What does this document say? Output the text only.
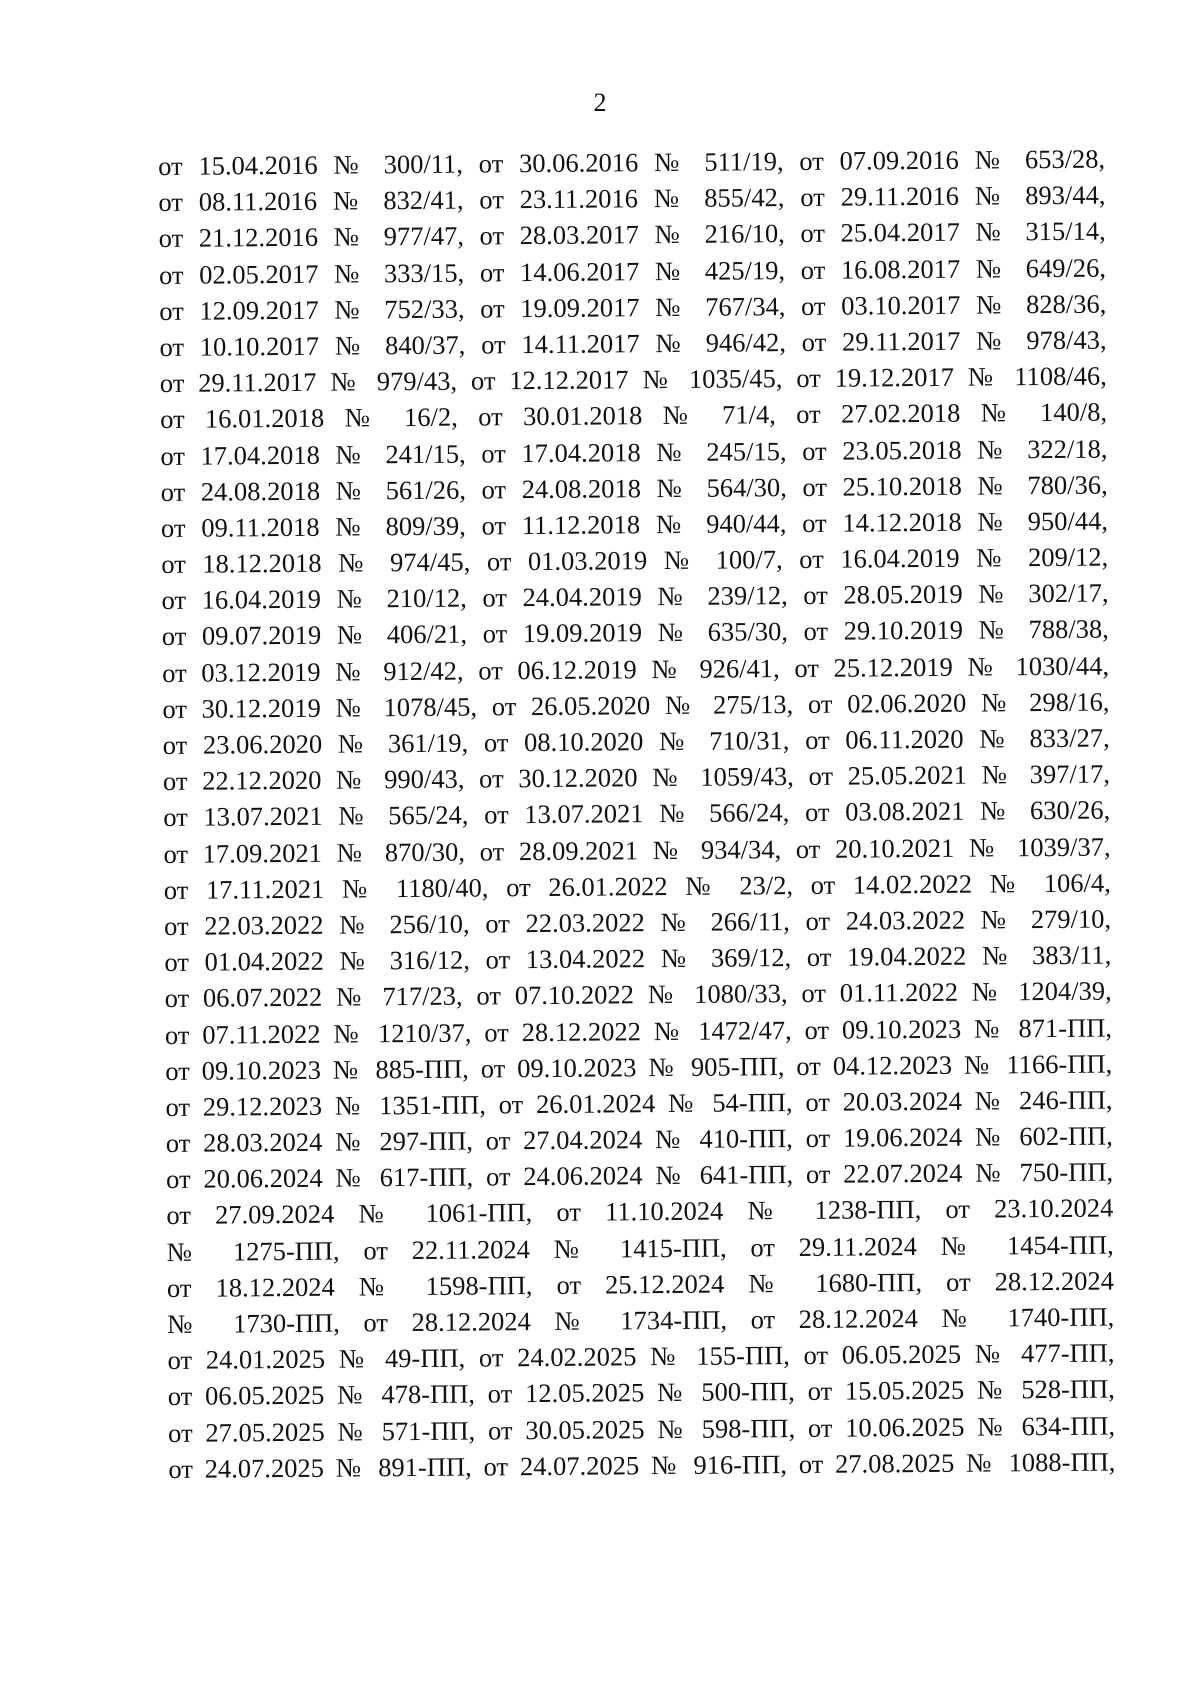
2
от 15.04.2016 № 300/11, от 30.06.2016 № 511/19, от 07.09.2016 № 653/28,
от 08.11.2016 № 832/41, от 23.11.2016 № 855/42, от 29.11.2016 № 893/44,
от 21.12.2016 № 977/47, от 28.03.2017 № 216/10, от 25.04.2017 № 315/14,
от 02.05.2017 № 333/15, от 14.06.2017 № 425/19, от 16.08.2017 № 649/26,
от 12.09.2017 № 752/33, от 19.09.2017 № 767/34, от 03.10.2017 № 828/36,
от 10.10.2017 № 840/37, от 14.11.2017 № 946/42, от 29.11.2017 № 978/43,
от 29.11.2017 № 979/43, от 12.12.2017 № 1035/45, от 19.12.2017 № 1108/46,
от 16.01.2018 № 16/2, от 30.01.2018 № 71/4, от 27.02.2018 № 140/8,
от 17.04.2018 № 241/15, от 17.04.2018 № 245/15, от 23.05.2018 № 322/18,
от 24.08.2018 № 561/26, от 24.08.2018 № 564/30, от 25.10.2018 № 780/36,
от 09.11.2018 № 809/39, от 11.12.2018 № 940/44, от 14.12.2018 № 950/44,
от 18.12.2018 № 974/45, от 01.03.2019 № 100/7, от 16.04.2019 № 209/12,
от 16.04.2019 № 210/12, от 24.04.2019 № 239/12, от 28.05.2019 № 302/17,
от 09.07.2019 № 406/21, от 19.09.2019 № 635/30, от 29.10.2019 № 788/38,
от 03.12.2019 № 912/42, от 06.12.2019 № 926/41, от 25.12.2019 № 1030/44,
от 30.12.2019 № 1078/45, от 26.05.2020 № 275/13, от 02.06.2020 № 298/16,
от 23.06.2020 № 361/19, от 08.10.2020 № 710/31, от 06.11.2020 № 833/27,
от 22.12.2020 № 990/43, от 30.12.2020 № 1059/43, от 25.05.2021 № 397/17,
от 13.07.2021 № 565/24, от 13.07.2021 № 566/24, от 03.08.2021 № 630/26,
от 17.09.2021 № 870/30, от 28.09.2021 № 934/34, от 20.10.2021 № 1039/37,
от 17.11.2021 № 1180/40, от 26.01.2022 № 23/2, от 14.02.2022 № 106/4,
от 22.03.2022 № 256/10, от 22.03.2022 № 266/11, от 24.03.2022 № 279/10,
от 01.04.2022 № 316/12, от 13.04.2022 № 369/12, от 19.04.2022 № 383/11,
от 06.07.2022 № 717/23, от 07.10.2022 № 1080/33, от 01.11.2022 № 1204/39,
от 07.11.2022 № 1210/37, от 28.12.2022 № 1472/47, от 09.10.2023 № 871-ПП,
от 09.10.2023 № 885-ПП, от 09.10.2023 № 905-ПП, от 04.12.2023 № 1166-ПП,
от 29.12.2023 № 1351-ПП, от 26.01.2024 № 54-ПП, от 20.03.2024 № 246-ПП,
от 28.03.2024 № 297-ПП, от 27.04.2024 № 410-ПП, от 19.06.2024 № 602-ПП,
от 20.06.2024 № 617-ПП, от 24.06.2024 № 641-ПП, от 22.07.2024 № 750-ПП,
от 27.09.2024 № 1061-ПП, от 11.10.2024 № 1238-ПП, от 23.10.2024
№ 1275-ПП, от 22.11.2024 № 1415-ПП, от 29.11.2024 № 1454-ПП,
от 18.12.2024 № 1598-ПП, от 25.12.2024 № 1680-ПП, от 28.12.2024
№ 1730-ПП, от 28.12.2024 № 1734-ПП, от 28.12.2024 № 1740-ПП,
от 24.01.2025 № 49-ПП, от 24.02.2025 № 155-ПП, от 06.05.2025 № 477-ПП,
от 06.05.2025 № 478-ПП, от 12.05.2025 № 500-ПП, от 15.05.2025 № 528-ПП,
от 27.05.2025 № 571-ПП, от 30.05.2025 № 598-ПП, от 10.06.2025 № 634-ПП,
от 24.07.2025 № 891-ПП, от 24.07.2025 № 916-ПП, от 27.08.2025 № 1088-ПП,
